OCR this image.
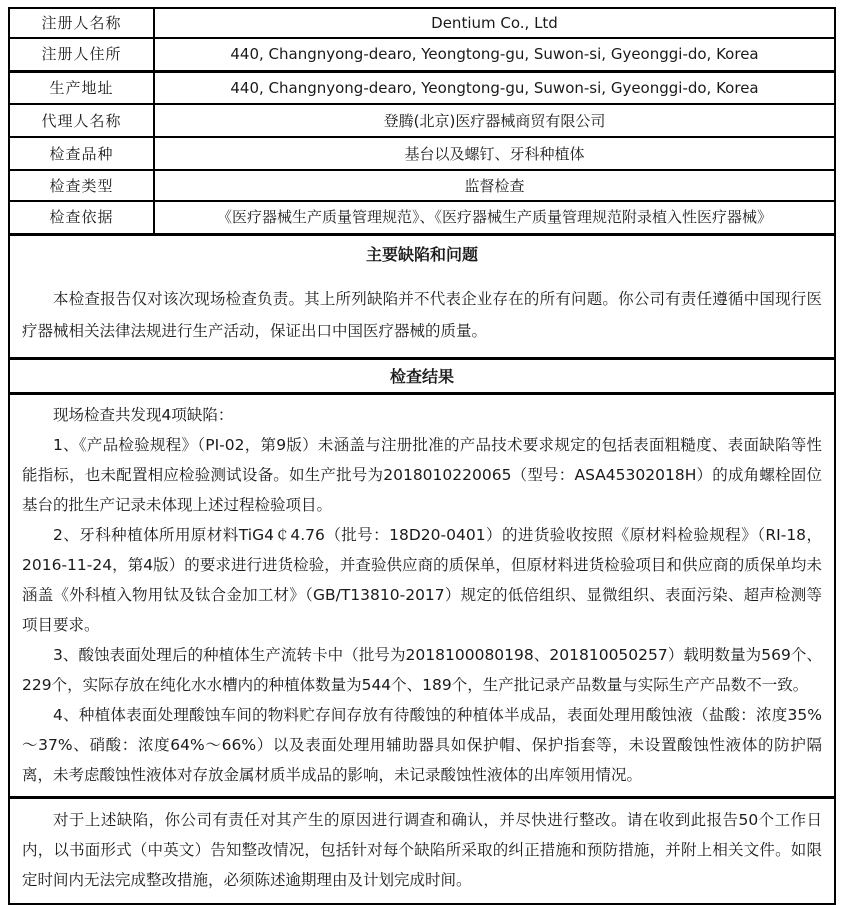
注册人名称	Dentium Co., Ltd
注册人住所	440, Changnyong-dearo, Yeongtong-gu, Suwon-si, Gyeonggi-do, Korea
生产地址	440, Changnyong-dearo, Yeongtong-gu, Suwon-si, Gyeonggi-do, Korea
代理人名称	登腾(北京)医疗器械商贸有限公司
检查品种	基台以及螺钉、牙科种植体
检查类型	监督检查
检查依据	《医疗器械生产质量管理规范》、《医疗器械生产质量管理规范附录植入性医疗器械》

主要缺陷和问题

本检查报告仅对该次现场检查负责。其上所列缺陷并不代表企业存在的所有问题。你公司有责任遵循中国现行医疗器械相关法律法规进行生产活动，保证出口中国医疗器械的质量。	

检查结果	

现场检查共发现4项缺陷：

1、《产品检验规程》（PI-02，第9版）未涵盖与注册批准的产品技术要求规定的包括表面粗糙度、表面缺陷等性能指标，也未配置相应检验测试设备。如生产批号为2018010220065（型号：ASA45302018H）的成角螺栓固位基台的批生产记录未体现上述过程检验项目。

2、牙科种植体所用原材料TiG4￠4.76（批号：18D20-0401）的进货验收按照《原材料检验规程》（RI-18，2016-11-24，第4版）的要求进行进货检验，并查验供应商的质保单，但原材料进货检验项目和供应商的质保单均未涵盖《外科植入物用钛及钛合金加工材》（GB/T13810-2017）规定的低倍组织、显微组织、表面污染、超声检测等项目要求。

3、酸蚀表面处理后的种植体生产流转卡中（批号为2018100080198、201810050257）载明数量为569个、229个，实际存放在纯化水水槽内的种植体数量为544个、189个，生产批记录产品数量与实际生产产品数不一致。

4、种植体表面处理酸蚀车间的物料贮存间存放有待酸蚀的种植体半成品，表面处理用酸蚀液（盐酸：浓度35%～37%、硝酸：浓度64%～66%）以及表面处理用辅助器具如保护帽、保护指套等，未设置酸蚀性液体的防护隔离，未考虑酸蚀性液体对存放金属材质半成品的影响，未记录酸蚀性液体的出库领用情况。	

对于上述缺陷，你公司有责任对其产生的原因进行调查和确认，并尽快进行整改。请在收到此报告50个工作日内，以书面形式（中英文）告知整改情况，包括针对每个缺陷所采取的纠正措施和预防措施，并附上相关文件。如限定时间内无法完成整改措施，必须陈述逾期理由及计划完成时间。	
